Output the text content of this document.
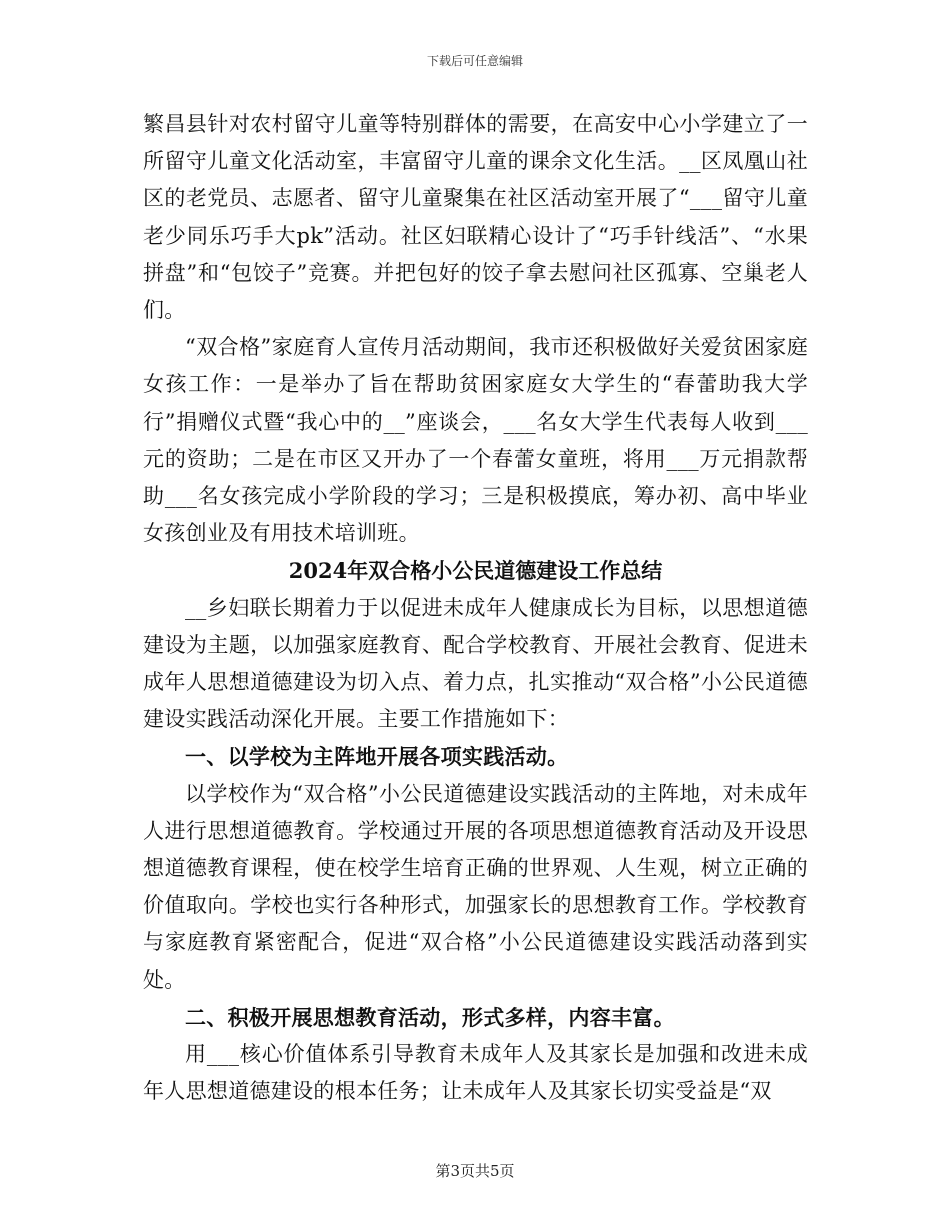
下载后可任意编辑

繁昌县针对农村留守儿童等特别群体的需要，在高安中心小学建立了一所留守儿童文化活动室，丰富留守儿童的课余文化生活。__区凤凰山社区的老党员、志愿者、留守儿童聚集在社区活动室开展了“___留守儿童老少同乐巧手大pk”活动。社区妇联精心设计了“巧手针线活”、“水果拼盘”和“包饺子”竞赛。并把包好的饺子拿去慰问社区孤寡、空巢老人们。

“双合格”家庭育人宣传月活动期间，我市还积极做好关爱贫困家庭女孩工作：一是举办了旨在帮助贫困家庭女大学生的“春蕾助我大学行”捐赠仪式暨“我心中的__”座谈会，___名女大学生代表每人收到___元的资助；二是在市区又开办了一个春蕾女童班，将用___万元捐款帮助___名女孩完成小学阶段的学习；三是积极摸底，筹办初、高中毕业女孩创业及有用技术培训班。

2024年双合格小公民道德建设工作总结

__乡妇联长期着力于以促进未成年人健康成长为目标，以思想道德建设为主题，以加强家庭教育、配合学校教育、开展社会教育、促进未成年人思想道德建设为切入点、着力点，扎实推动“双合格”小公民道德建设实践活动深化开展。主要工作措施如下：

一、以学校为主阵地开展各项实践活动。

以学校作为“双合格”小公民道德建设实践活动的主阵地，对未成年人进行思想道德教育。学校通过开展的各项思想道德教育活动及开设思想道德教育课程，使在校学生培育正确的世界观、人生观，树立正确的价值取向。学校也实行各种形式，加强家长的思想教育工作。学校教育与家庭教育紧密配合，促进“双合格”小公民道德建设实践活动落到实处。

二、积极开展思想教育活动，形式多样，内容丰富。

用___核心价值体系引导教育未成年人及其家长是加强和改进未成年人思想道德建设的根本任务；让未成年人及其家长切实受益是“双

第3页共5页
